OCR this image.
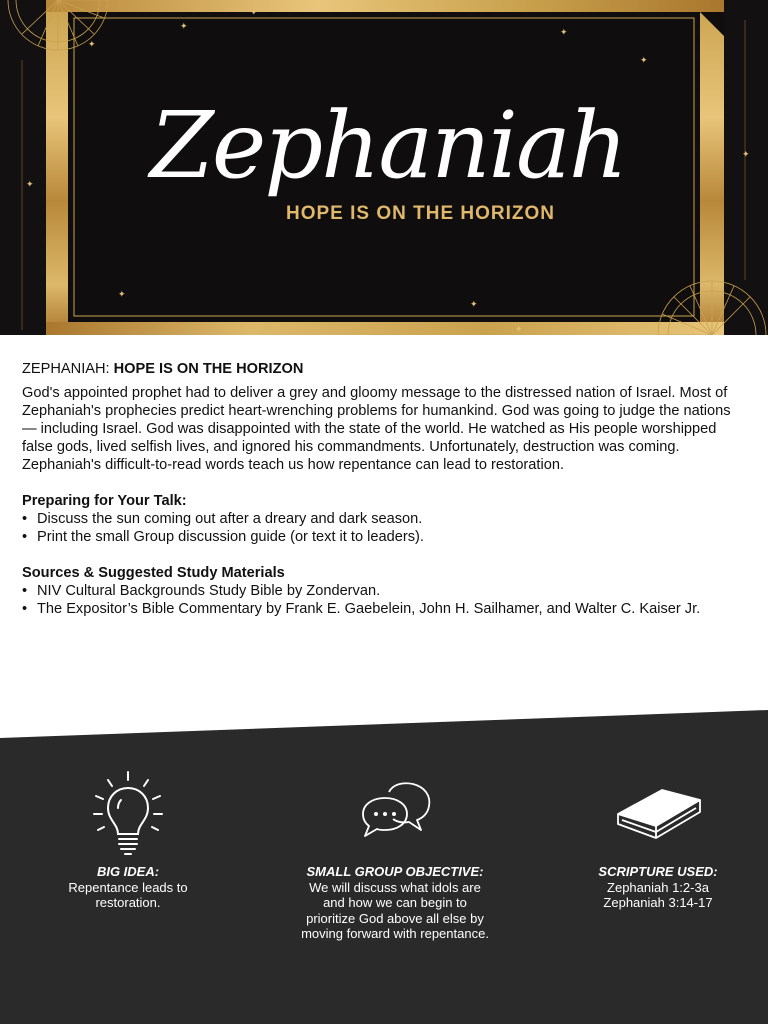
✦
✦
✦
✦
✦
✦
✦
✦
✦
✦
Zephaniah
HOPE IS ON THE HORIZON

ZEPHANIAH: HOPE IS ON THE HORIZON

God's appointed prophet had to deliver a grey and gloomy message to the distressed nation of Israel. Most of Zephaniah's prophecies predict heart-wrenching problems for humankind. God was going to judge the nations — including Israel. God was disappointed with the state of the world. He watched as His people worshipped false gods, lived selfish lives, and ignored his commandments. Unfortunately, destruction was coming. Zephaniah's difficult-to-read words teach us how repentance can lead to restoration.

Preparing for Your Talk:

• Discuss the sun coming out after a dreary and dark season.
• Print the small Group discussion guide (or text it to leaders).

Sources & Suggested Study Materials

• NIV Cultural Backgrounds Study Bible by Zondervan.
• The Expositor’s Bible Commentary by Frank E. Gaebelein, John H. Sailhamer, and Walter C. Kaiser Jr.
BIG IDEA:
Repentance leads to
restoration.
SMALL GROUP OBJECTIVE:
We will discuss what idols are
and how we can begin to
prioritize God above all else by
moving forward with repentance.
SCRIPTURE USED:
Zephaniah 1:2-3a
Zephaniah 3:14-17
